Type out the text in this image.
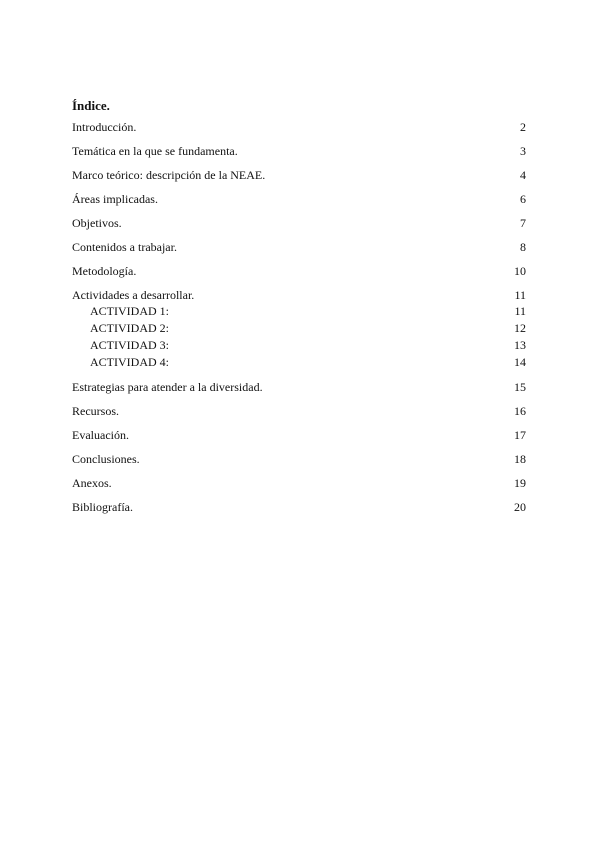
Índice.
Introducción.	2
Temática en la que se fundamenta.	3
Marco teórico: descripción de la NEAE.	4
Áreas implicadas.	6
Objetivos.	7
Contenidos a trabajar.	8
Metodología.	10
Actividades a desarrollar.	11
ACTIVIDAD 1:	11
ACTIVIDAD 2:	12
ACTIVIDAD 3:	13
ACTIVIDAD 4:	14
Estrategias para atender a la diversidad.	15
Recursos.	16
Evaluación.	17
Conclusiones.	18
Anexos.	19
Bibliografía.	20
